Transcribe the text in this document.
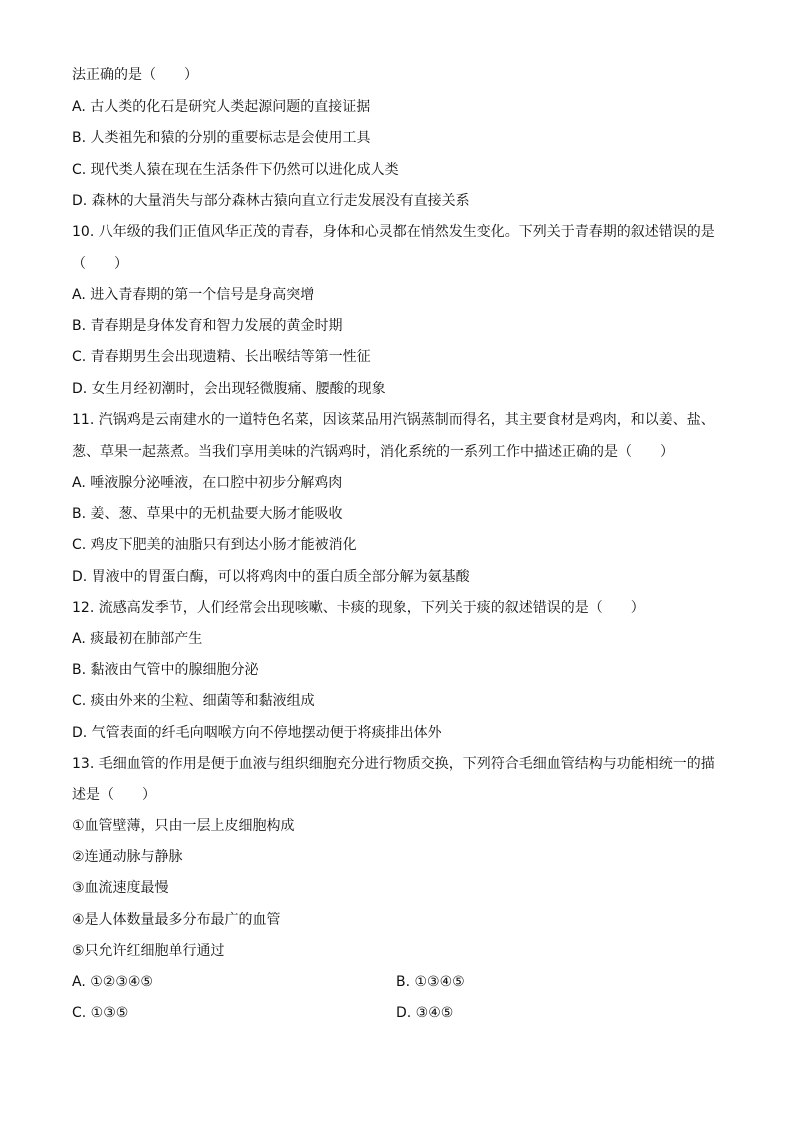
法正确的是（　　）
A. 古人类的化石是研究人类起源问题的直接证据
B. 人类祖先和猿的分别的重要标志是会使用工具
C. 现代类人猿在现在生活条件下仍然可以进化成人类
D. 森林的大量消失与部分森林古猿向直立行走发展没有直接关系
10. 八年级的我们正值风华正茂的青春，身体和心灵都在悄然发生变化。下列关于青春期的叙述错误的是
（　　）
A. 进入青春期的第一个信号是身高突增
B. 青春期是身体发育和智力发展的黄金时期
C. 青春期男生会出现遗精、长出喉结等第一性征
D. 女生月经初潮时，会出现轻微腹痛、腰酸的现象
11. 汽锅鸡是云南建水的一道特色名菜，因该菜品用汽锅蒸制而得名，其主要食材是鸡肉，和以姜、盐、
葱、草果一起蒸煮。当我们享用美味的汽锅鸡时，消化系统的一系列工作中描述正确的是（　　）
A. 唾液腺分泌唾液，在口腔中初步分解鸡肉
B. 姜、葱、草果中的无机盐要大肠才能吸收
C. 鸡皮下肥美的油脂只有到达小肠才能被消化
D. 胃液中的胃蛋白酶，可以将鸡肉中的蛋白质全部分解为氨基酸
12. 流感高发季节，人们经常会出现咳嗽、卡痰的现象，下列关于痰的叙述错误的是（　　）
A. 痰最初在肺部产生
B. 黏液由气管中的腺细胞分泌
C. 痰由外来的尘粒、细菌等和黏液组成
D. 气管表面的纤毛向咽喉方向不停地摆动便于将痰排出体外
13. 毛细血管的作用是便于血液与组织细胞充分进行物质交换，下列符合毛细血管结构与功能相统一的描
述是（　　）
①血管壁薄，只由一层上皮细胞构成
②连通动脉与静脉
③血流速度最慢
④是人体数量最多分布最广的血管
⑤只允许红细胞单行通过
A. ①②③④⑤	B. ①③④⑤
C. ①③⑤	D. ③④⑤
